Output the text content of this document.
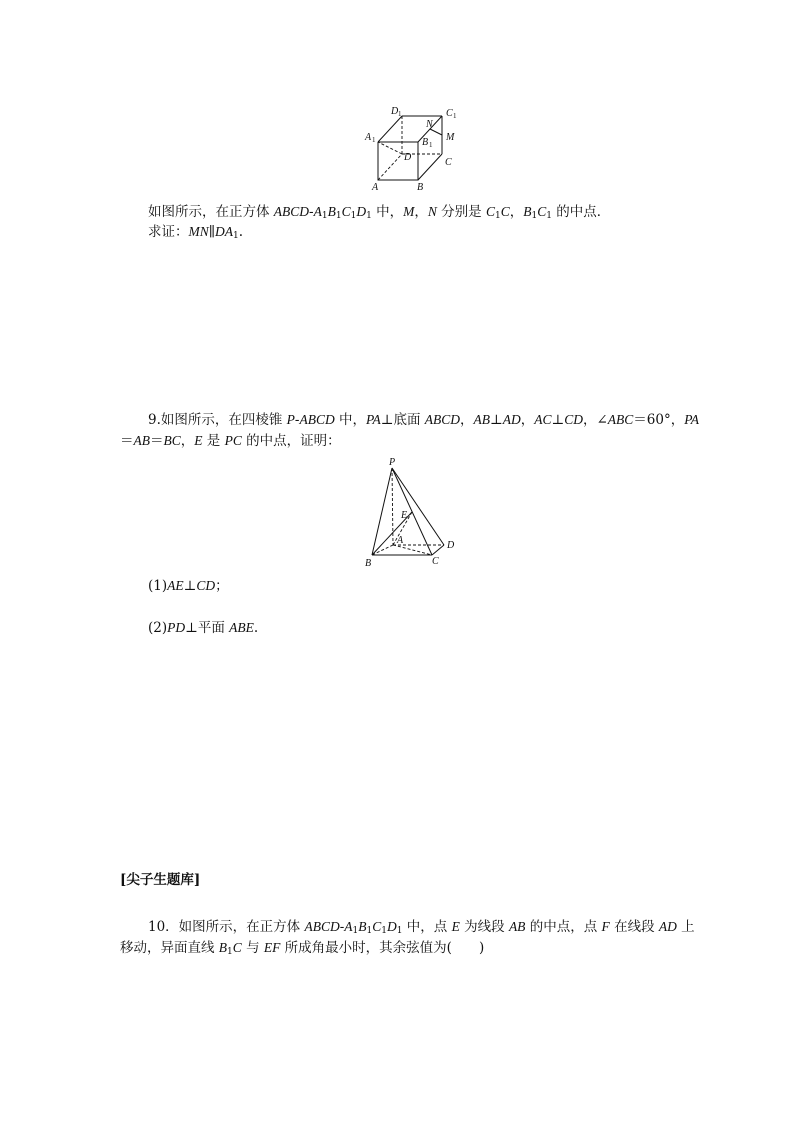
D 1	C 1
A 1
N
B 1
M
D	C
A	B
如图所示，在正方体 ABCD-$A_1B_1C_1D_1$ 中，M，N 分别是 $C_1C$，$B_1C_1$ 的中点．
求证：$MN\parallel DA_1$.
9.如图所示，在四棱锥 P-ABCD 中，PA⊥底面 ABCD，AB⊥AD，AC⊥CD，∠ABC＝60°，PA
＝AB＝BC，E 是 PC 的中点，证明：
P
E
A	D
B	C
(1)AE⊥CD；
(2)PD⊥平面 ABE.
[尖子生题库]
10．如图所示，在正方体 ABCD-$A_1B_1C_1D_1$ 中，点 E 为线段 AB 的中点，点 F 在线段 AD 上
移动，异面直线 $B_1C$ 与 EF 所成角最小时，其余弦值为(　　)
